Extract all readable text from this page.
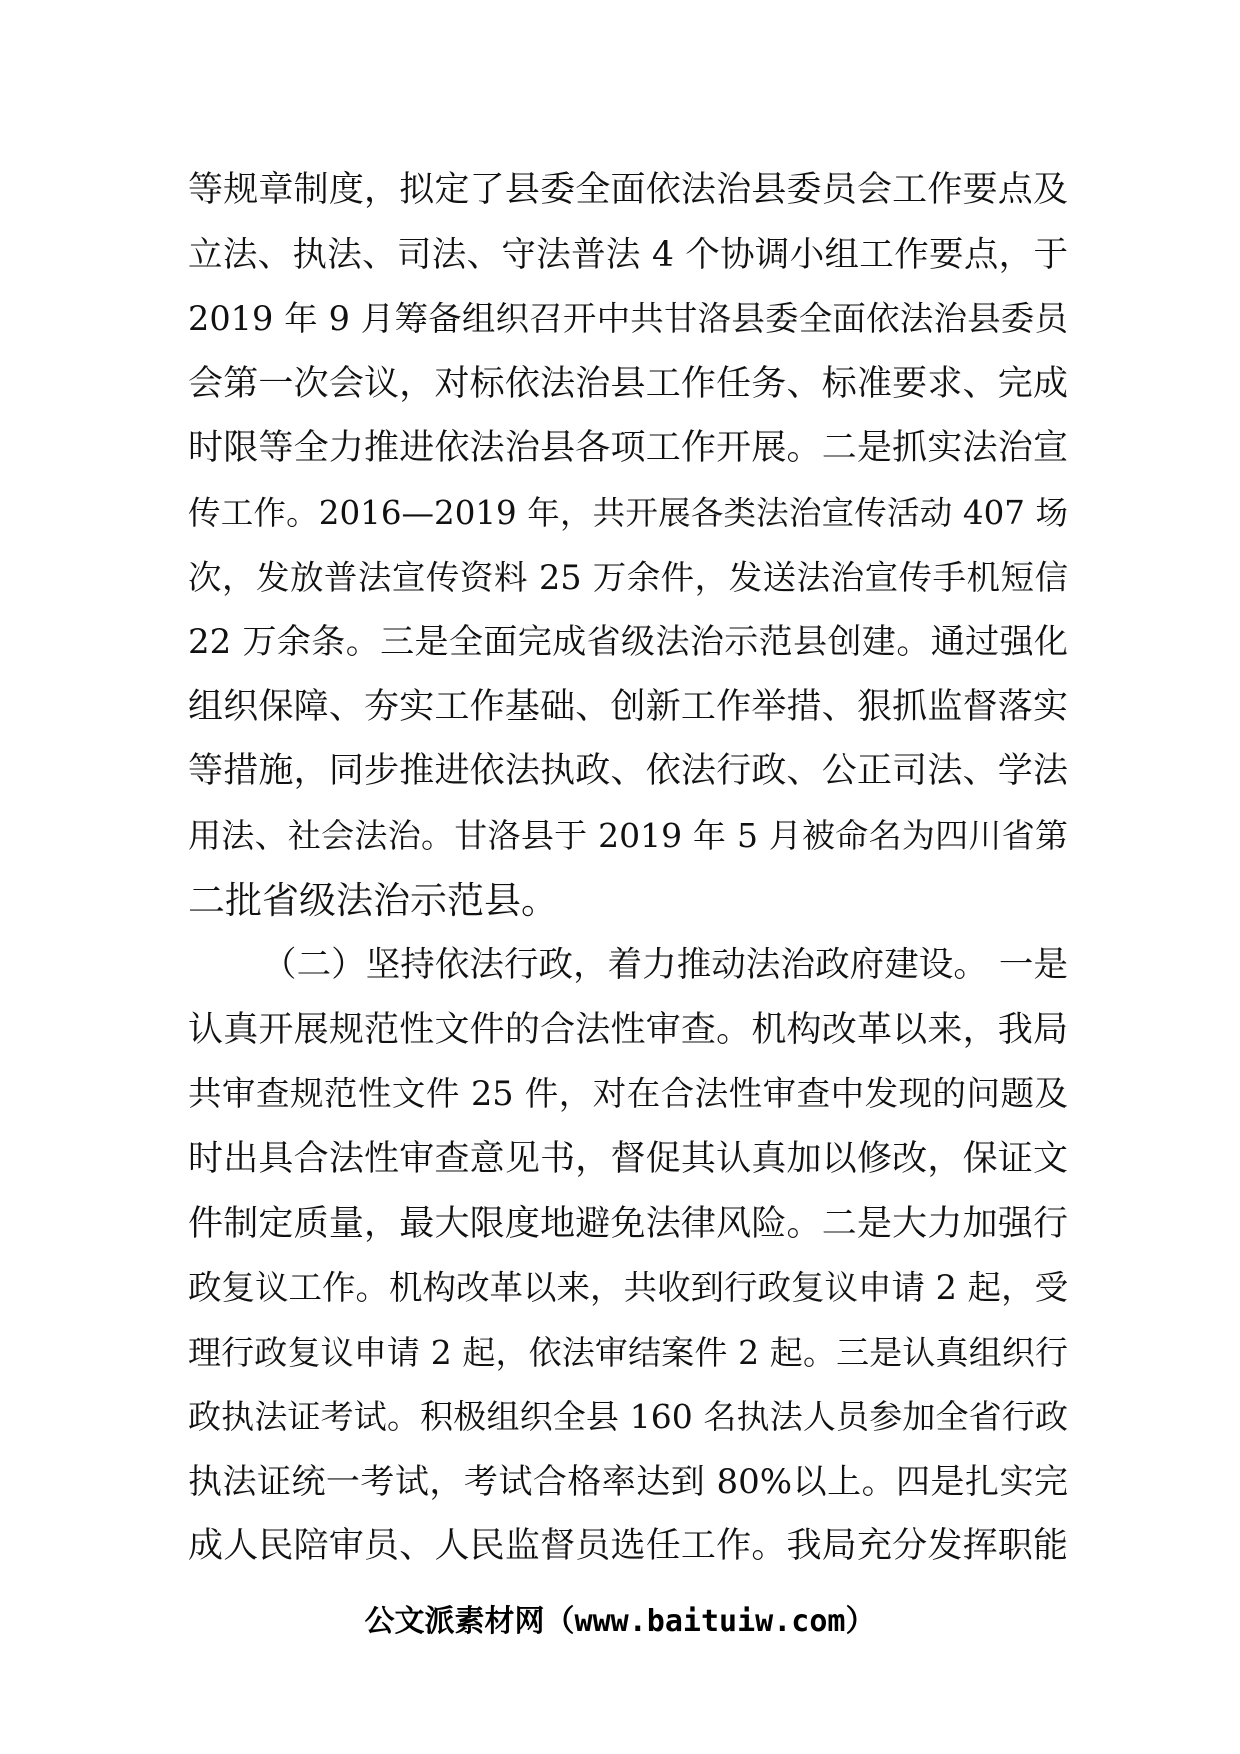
等规章制度，拟定了县委全面依法治县委员会工作要点及
立法、执法、司法、守法普法 4 个协调小组工作要点，于
2019 年 9 月筹备组织召开中共甘洛县委全面依法治县委员
会第一次会议，对标依法治县工作任务、标准要求、完成
时限等全力推进依法治县各项工作开展。二是抓实法治宣
传工作。2016—2019 年，共开展各类法治宣传活动 407 场
次，发放普法宣传资料 25 万余件，发送法治宣传手机短信
22 万余条。三是全面完成省级法治示范县创建。通过强化
组织保障、夯实工作基础、创新工作举措、狠抓监督落实
等措施，同步推进依法执政、依法行政、公正司法、学法
用法、社会法治。甘洛县于 2019 年 5 月被命名为四川省第
二批省级法治示范县。
（二）坚持依法行政，着力推动法治政府建设。 一是
认真开展规范性文件的合法性审查。机构改革以来，我局
共审查规范性文件 25 件，对在合法性审查中发现的问题及
时出具合法性审查意见书，督促其认真加以修改，保证文
件制定质量，最大限度地避免法律风险。二是大力加强行
政复议工作。机构改革以来，共收到行政复议申请 2 起，受
理行政复议申请 2 起，依法审结案件 2 起。三是认真组织行
政执法证考试。积极组织全县 160 名执法人员参加全省行政
执法证统一考试，考试合格率达到 80%以上。四是扎实完
成人民陪审员、人民监督员选任工作。我局充分发挥职能
公文派素材网（www.baituiw.com）
